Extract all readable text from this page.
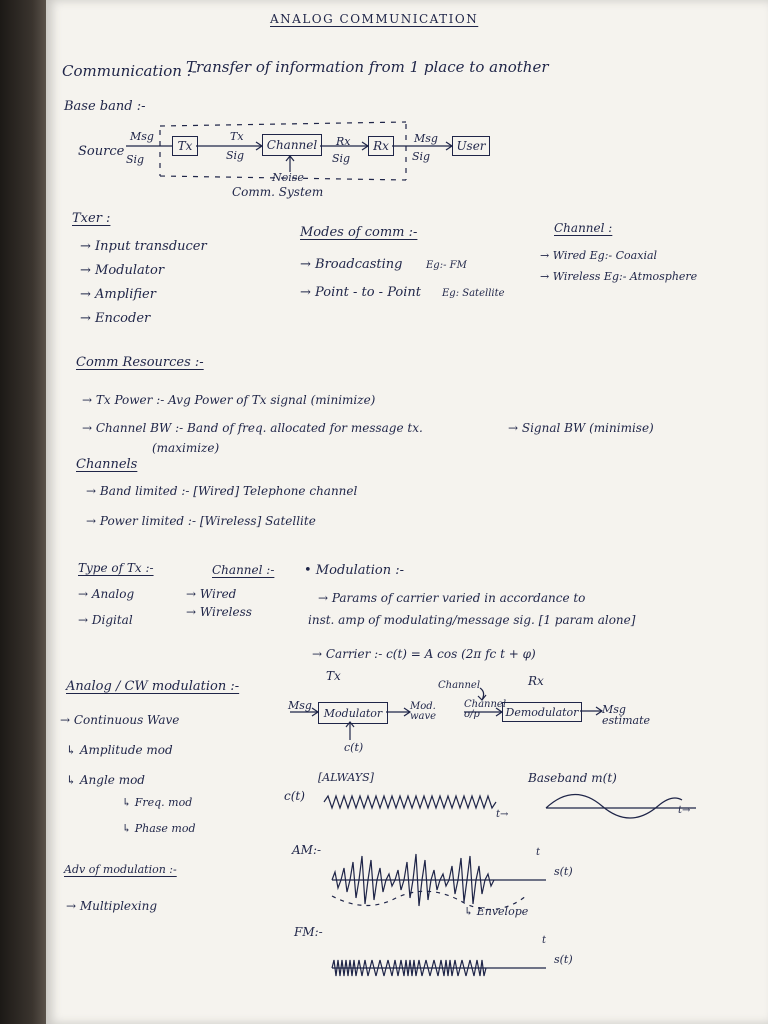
ANALOG COMMUNICATION
Communication :-
Transfer of information from 1 place to another
Base band :-
Source
Msg
Sig
Tx
Tx
Sig
Channel	Rx
Sig
Rx
Msg
Sig
User
Noise
Comm. System
Txer :
→ Input transducer
→ Modulator
→ Amplifier
→ Encoder
Modes of comm :-
→ Broadcasting Eg:- FM
→ Point - to - Point Eg: Satellite
Channel :
→ Wired Eg:- Coaxial
→ Wireless Eg:- Atmosphere
Comm Resources :-
→ Tx Power :- Avg Power of Tx signal (minimize)
→ Channel BW :- Band of freq. allocated for message tx.	→ Signal BW (minimise)
(maximize)
Channels
→ Band limited :- [Wired] Telephone channel
→ Power limited :- [Wireless] Satellite
Type of Tx :-
→ Analog
→ Digital
Channel :-
→ Wired
→ Wireless
• Modulation :-
→ Params of carrier varied in accordance to
inst. amp of modulating/message sig. [1 param alone]
→ Carrier :- c(t) = A cos (2π fc t + φ)
Analog / CW modulation :-
→ Continuous Wave
↳ Amplitude mod
↳ Angle mod
↳ Freq. mod
↳ Phase mod
Tx	Rx
Channel
Msg
Modulator	Mod. wave
Channel o/p	Demodulator	Msg estimate
c(t)
c(t)
[ALWAYS]
t→
Baseband m(t)
t→
AM:-
s(t)
t
↳ Envelope
FM:-
s(t)
t
Adv of modulation :-
→ Multiplexing
